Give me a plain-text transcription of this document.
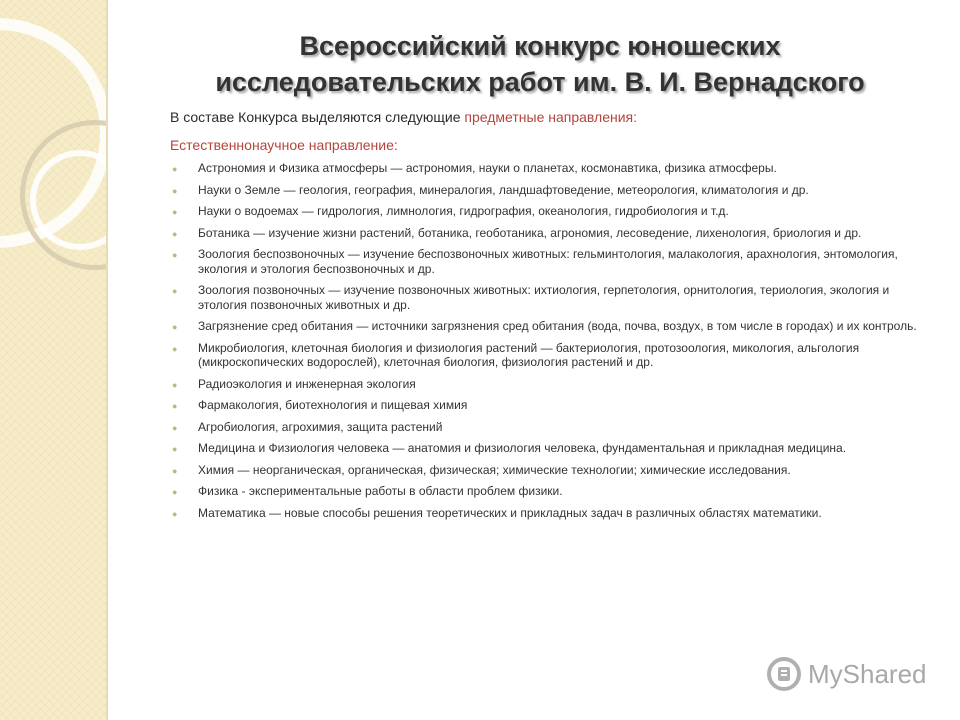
Всероссийский конкурс юношеских
исследовательских работ им. В. И. Вернадского

В составе Конкурса выделяются следующие предметные направления:

Естественнонаучное направление:

● Астрономия и Физика атмосферы — астрономия, науки о планетах, космонавтика, физика атмосферы.
● Науки о Земле — геология, география, минералогия, ландшафтоведение, метеорология, климатология и др.
● Науки о водоемах — гидрология, лимнология, гидрография, океанология, гидробиология и т.д.
● Ботаника — изучение жизни растений, ботаника, геоботаника, агрономия, лесоведение, лихенология, бриология и др.
● Зоология беспозвоночных — изучение беспозвоночных животных: гельминтология, малакология, арахнология, энтомология, экология и этология беспозвоночных и др.
● Зоология позвоночных — изучение позвоночных животных: ихтиология, герпетология, орнитология, териология, экология и этология позвоночных животных и др.
● Загрязнение сред обитания — источники загрязнения сред обитания (вода, почва, воздух, в том числе в городах) и их контроль.
● Микробиология, клеточная биология и физиология растений — бактериология, протозоология, микология, альгология (микроскопических водорослей), клеточная биология, физиология растений и др.
● Радиоэкология и инженерная экология
● Фармакология, биотехнология и пищевая химия
● Агробиология, агрохимия, защита растений
● Медицина и Физиология человека — анатомия и физиология человека, фундаментальная и прикладная медицина.
● Химия — неорганическая, органическая, физическая; химические технологии; химические исследования.
● Физика - экспериментальные работы в области проблем физики.
● Математика — новые способы решения теоретических и прикладных задач в различных областях математики.
MyShared
